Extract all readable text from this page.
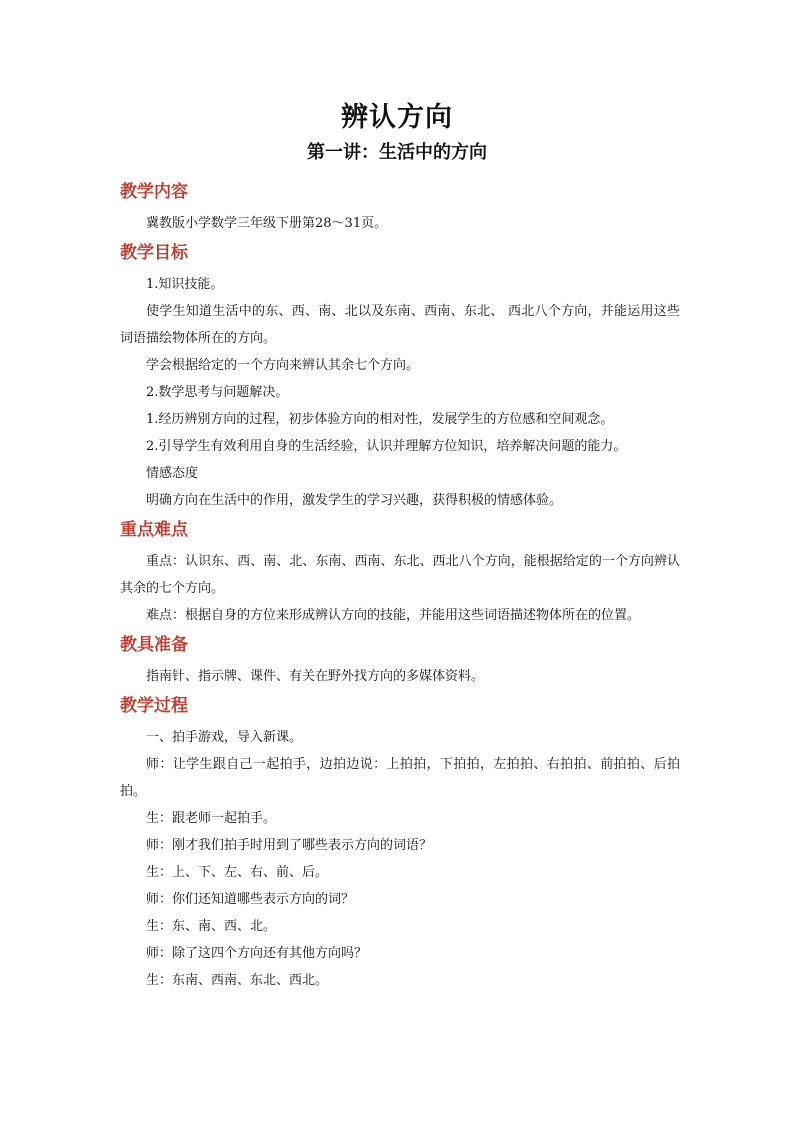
辨认方向
第一讲：生活中的方向
教学内容

冀教版小学数学三年级下册第28～31页。

教学目标

1.知识技能。

使学生知道生活中的东、西、南、北以及东南、西南、东北、 西北八个方向，并能运用这些词语描绘物体所在的方向。

学会根据给定的一个方向来辨认其余七个方向。

2.数学思考与问题解决。

1.经历辨别方向的过程，初步体验方向的相对性，发展学生的方位感和空间观念。

2.引导学生有效利用自身的生活经验，认识并理解方位知识，培养解决问题的能力。

情感态度

明确方向在生活中的作用，激发学生的学习兴趣，获得积极的情感体验。

重点难点

重点：认识东、西、南、北、东南、西南、东北、西北八个方向，能根据给定的一个方向辨认其余的七个方向。

难点：根据自身的方位来形成辨认方向的技能，并能用这些词语描述物体所在的位置。

教具准备

指南针、指示牌、课件、有关在野外找方向的多媒体资料。

教学过程

一、拍手游戏，导入新课。

师：让学生跟自己一起拍手，边拍边说：上拍拍，下拍拍，左拍拍、右拍拍、前拍拍、后拍拍。

生：跟老师一起拍手。

师：刚才我们拍手时用到了哪些表示方向的词语？

生：上、下、左、右、前、后。

师：你们还知道哪些表示方向的词？

生：东、南、西、北。

师：除了这四个方向还有其他方向吗？

生：东南、西南、东北、西北。
